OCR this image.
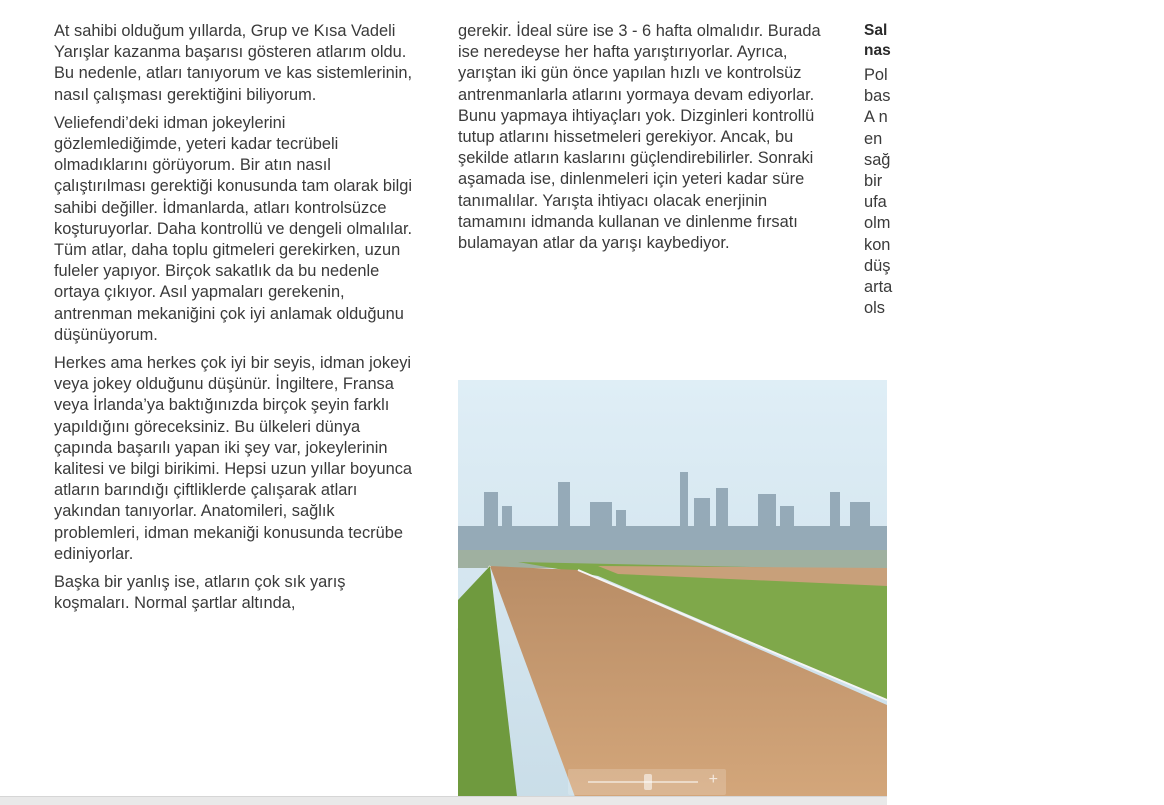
At sahibi olduğum yıllarda, Grup ve Kısa Vadeli Yarışlar kazanma başarısı gösteren atlarım oldu. Bu nedenle, atları tanıyorum ve kas sistemlerinin, nasıl çalışması gerektiğini biliyorum.

Veliefendi’deki idman jokeylerini gözlemlediğimde, yeteri kadar tecrübeli olmadıklarını görüyorum. Bir atın nasıl çalıştırılması gerektiği konusunda tam olarak bilgi sahibi değiller. İdmanlarda, atları kontrolsüzce koşturuyorlar. Daha kontrollü ve dengeli olmalılar. Tüm atlar, daha toplu gitmeleri gerekirken, uzun fuleler yapıyor. Birçok sakatlık da bu nedenle ortaya çıkıyor. Asıl yapmaları gerekenin, antrenman mekaniğini çok iyi anlamak olduğunu düşünüyorum.

Herkes ama herkes çok iyi bir seyis, idman jokeyi veya jokey olduğunu düşünür. İngiltere, Fransa veya İrlanda’ya baktığınızda birçok şeyin farklı yapıldığını göreceksiniz. Bu ülkeleri dünya çapında başarılı yapan iki şey var, jokeylerinin kalitesi ve bilgi birikimi. Hepsi uzun yıllar boyunca atların barındığı çiftliklerde çalışarak atları yakından tanıyorlar. Anatomileri, sağlık problemleri, idman mekaniği konusunda tecrübe ediniyorlar.

Başka bir yanlış ise, atların çok sık yarış koşmaları. Normal şartlar altında,

gerekir. İdeal süre ise 3 - 6 hafta olmalıdır. Burada ise neredeyse her hafta yarıştırıyorlar. Ayrıca, yarıştan iki gün önce yapılan hızlı ve kontrolsüz antrenmanlarla atlarını yormaya devam ediyorlar. Bunu yapmaya ihtiyaçları yok. Dizginleri kontrollü tutup atlarını hissetmeleri gerekiyor. Ancak, bu şekilde atların kaslarını güçlendirebilirler. Sonraki aşamada ise, dinlenmeleri için yeteri kadar süre tanımalılar. Yarışta ihtiyacı olacak enerjinin tamamını idmanda kullanan ve dinlenme fırsatı bulamayan atlar da yarışı kaybediyor.

Sal
nas
Pol
bas
A n
en
sağ
bir
ufa
olm
kon
düş
arta
ols
+
